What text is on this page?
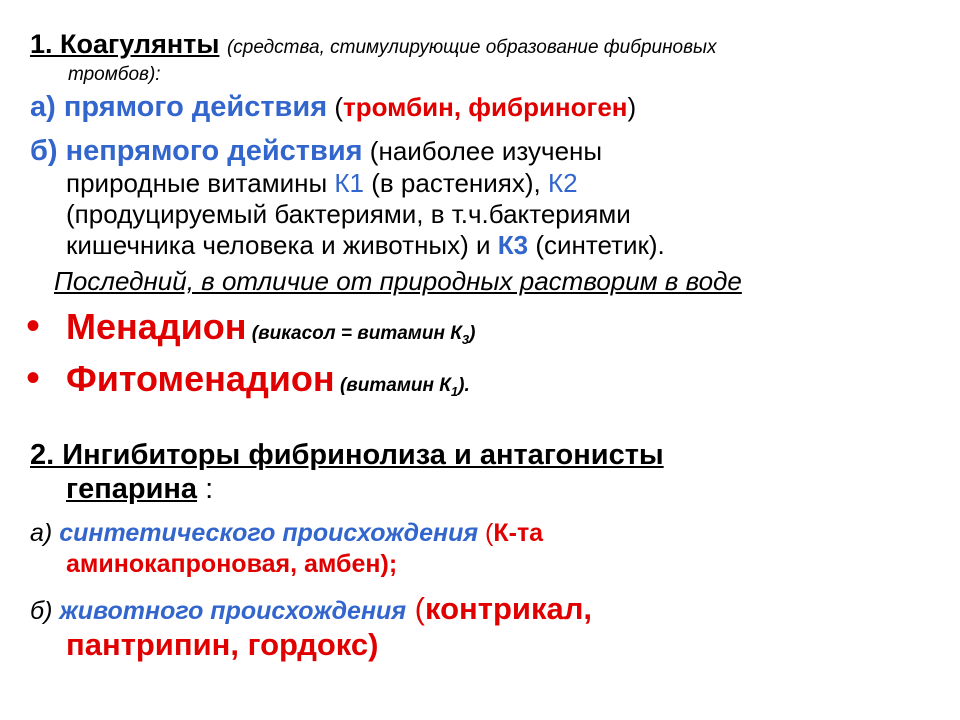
1. Коагулянты (средства, стимулирующие образование фибриновых
тромбов):
а) прямого действия (тромбин, фибриноген)
б) непрямого действия (наиболее изучены
природные витамины К1 (в растениях), К2
(продуцируемый бактериями, в т.ч.бактериями
кишечника человека и животных) и К3 (синтетик).
Последний, в отличие от природных растворим в воде
• Менадион (викасол = витамин $К_3$)
• Фитоменадион (витамин $К_1$).
2. Ингибиторы фибринолиза и антагонисты
гепарина :
а) синтетического происхождения (К-та
аминокапроновая, амбен);
б) животного происхождения (контрикал,
пантрипин, гордокс)
